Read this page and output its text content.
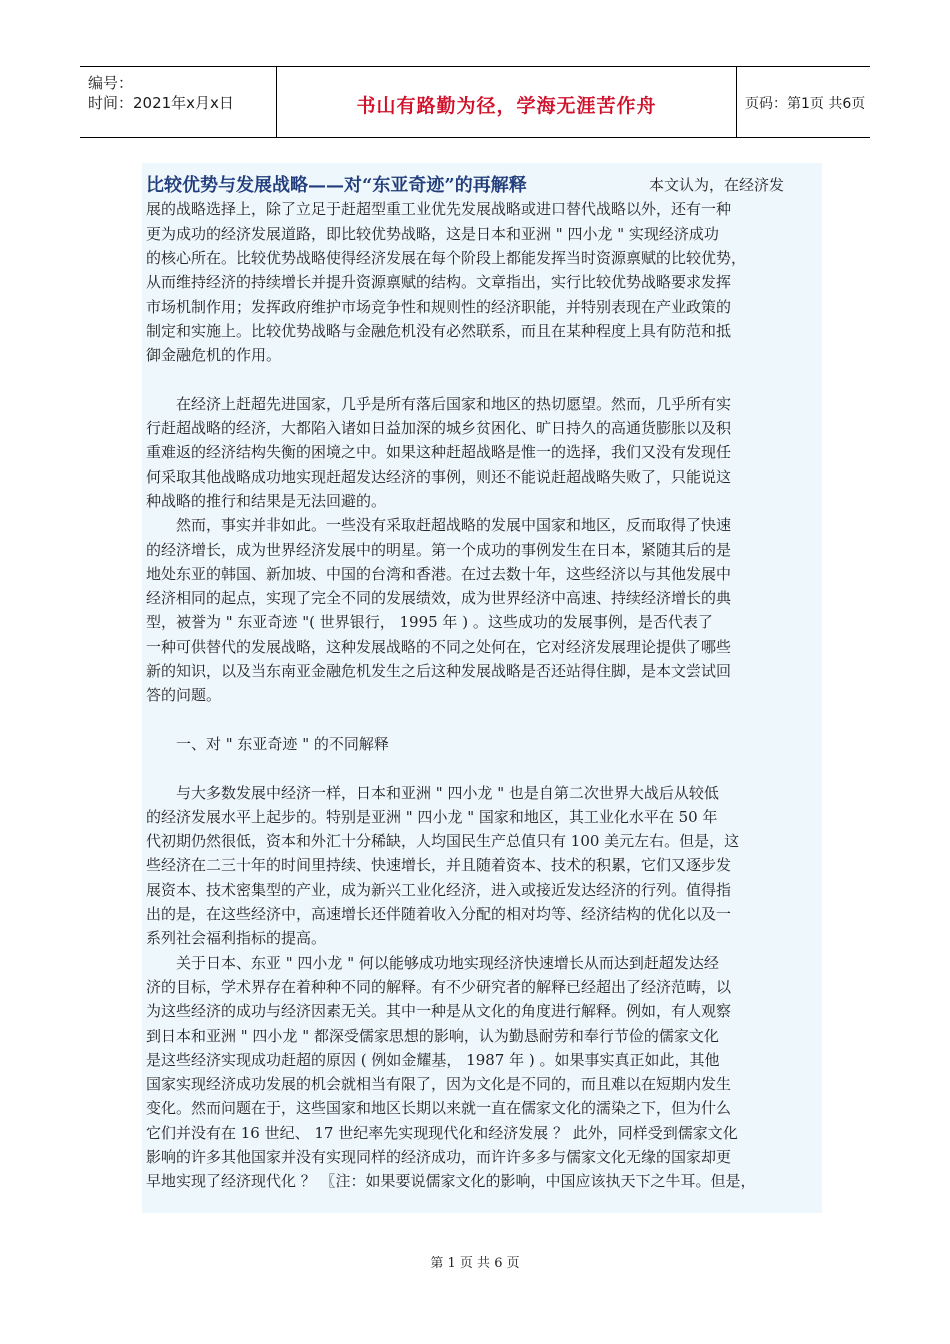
编号：
时间：2021年x月x日	书山有路勤为径，学海无涯苦作舟	页码：第1页 共6页
比较优势与发展战略——对“东亚奇迹”的再解释	本文认为，在经济发
展的战略选择上，除了立足于赶超型重工业优先发展战略或进口替代战略以外，还有一种
更为成功的经济发展道路，即比较优势战略，这是日本和亚洲 " 四小龙 " 实现经济成功
的核心所在。比较优势战略使得经济发展在每个阶段上都能发挥当时资源禀赋的比较优势，
从而维持经济的持续增长并提升资源禀赋的结构。文章指出，实行比较优势战略要求发挥
市场机制作用；发挥政府维护市场竞争性和规则性的经济职能，并特别表现在产业政策的
制定和实施上。比较优势战略与金融危机没有必然联系，而且在某种程度上具有防范和抵
御金融危机的作用。
　　在经济上赶超先进国家，几乎是所有落后国家和地区的热切愿望。然而，几乎所有实
行赶超战略的经济，大都陷入诸如日益加深的城乡贫困化、旷日持久的高通货膨胀以及积
重难返的经济结构失衡的困境之中。如果这种赶超战略是惟一的选择，我们又没有发现任
何采取其他战略成功地实现赶超发达经济的事例，则还不能说赶超战略失败了，只能说这
种战略的推行和结果是无法回避的。
　　然而，事实并非如此。一些没有采取赶超战略的发展中国家和地区，反而取得了快速
的经济增长，成为世界经济发展中的明星。第一个成功的事例发生在日本，紧随其后的是
地处东亚的韩国、新加坡、中国的台湾和香港。在过去数十年，这些经济以与其他发展中
经济相同的起点，实现了完全不同的发展绩效，成为世界经济中高速、持续经济增长的典
型，被誉为 " 东亚奇迹 "( 世界银行， 1995 年 ) 。这些成功的发展事例，是否代表了
一种可供替代的发展战略，这种发展战略的不同之处何在，它对经济发展理论提供了哪些
新的知识，以及当东南亚金融危机发生之后这种发展战略是否还站得住脚，是本文尝试回
答的问题。
　　一、对 " 东亚奇迹 " 的不同解释
　　与大多数发展中经济一样，日本和亚洲 " 四小龙 " 也是自第二次世界大战后从较低
的经济发展水平上起步的。特别是亚洲 " 四小龙 " 国家和地区，其工业化水平在 50 年
代初期仍然很低，资本和外汇十分稀缺，人均国民生产总值只有 100 美元左右。但是，这
些经济在二三十年的时间里持续、快速增长，并且随着资本、技术的积累，它们又逐步发
展资本、技术密集型的产业，成为新兴工业化经济，进入或接近发达经济的行列。值得指
出的是，在这些经济中，高速增长还伴随着收入分配的相对均等、经济结构的优化以及一
系列社会福利指标的提高。
　　关于日本、东亚 " 四小龙 " 何以能够成功地实现经济快速增长从而达到赶超发达经
济的目标，学术界存在着种种不同的解释。有不少研究者的解释已经超出了经济范畴，以
为这些经济的成功与经济因素无关。其中一种是从文化的角度进行解释。例如，有人观察
到日本和亚洲 " 四小龙 " 都深受儒家思想的影响，认为勤恳耐劳和奉行节俭的儒家文化
是这些经济实现成功赶超的原因 ( 例如金耀基， 1987 年 ) 。如果事实真正如此，其他
国家实现经济成功发展的机会就相当有限了，因为文化是不同的，而且难以在短期内发生
变化。然而问题在于，这些国家和地区长期以来就一直在儒家文化的濡染之下，但为什么
它们并没有在 16 世纪、 17 世纪率先实现现代化和经济发展 ？ 此外，同样受到儒家文化
影响的许多其他国家并没有实现同样的经济成功，而许许多多与儒家文化无缘的国家却更
早地实现了经济现代化 ？ 〖注：如果要说儒家文化的影响，中国应该执天下之牛耳。但是，
第 1 页 共 6 页
